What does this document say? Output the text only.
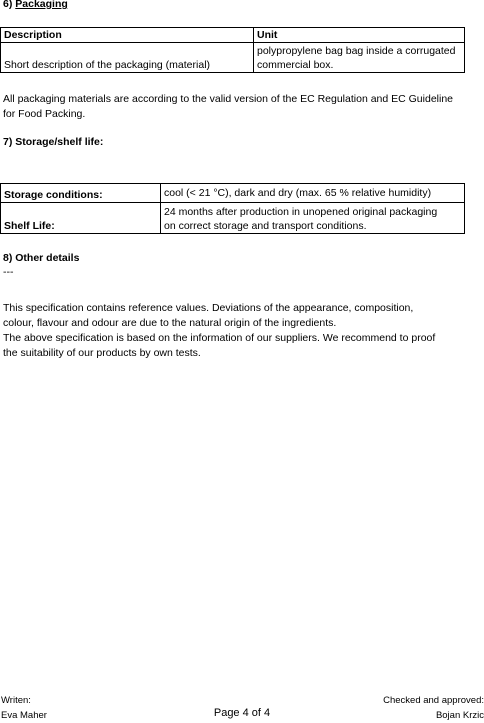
6) Packaging
Description	Unit
Short description of the packaging (material)	polypropylene bag bag inside a corrugated
commercial box.
All packaging materials are according to the valid version of the EC Regulation and EC Guideline
for Food Packing.
7) Storage/shelf life:
Storage conditions:	cool (< 21 °C), dark and dry (max. 65 % relative humidity)
Shelf Life:	24 months after production in unopened original packaging
on correct storage and transport conditions.
8) Other details
---
This specification contains reference values. Deviations of the appearance, composition,
colour, flavour and odour are due to the natural origin of the ingredients.
The above specification is based on the information of our suppliers. We recommend to proof
the suitability of our products by own tests.
Writen:
Eva Maher	Page 4 of 4
Checked and approved:
Bojan Krzic
